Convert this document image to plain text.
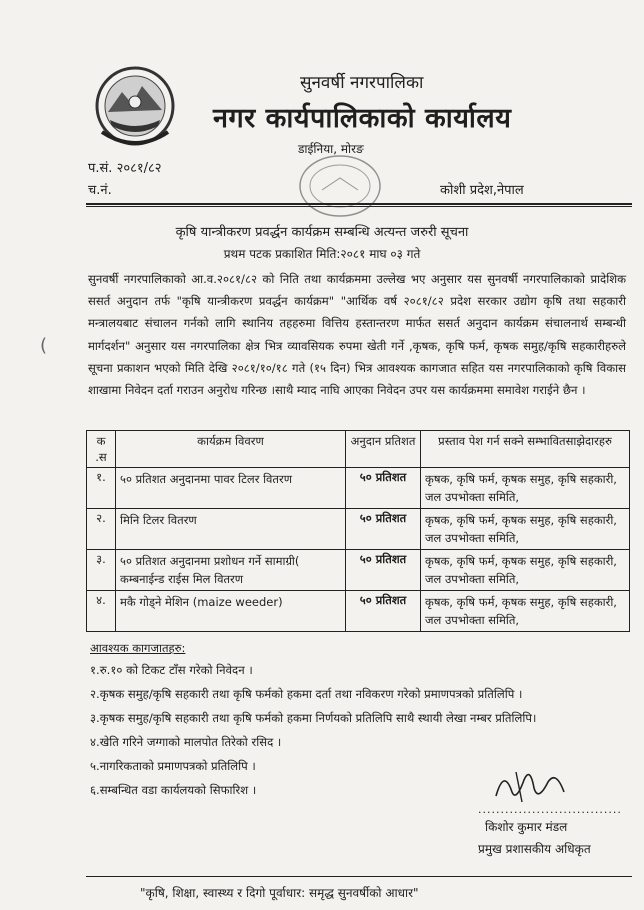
सुनवर्षी नगरपालिका
नगर कार्यपालिकाको कार्यालय
डाईनिया, मोरङ
प.सं. २०८१/८२
च.नं.	कोशी प्रदेश,नेपाल
कृषि यान्त्रीकरण प्रवर्द्धन कार्यक्रम सम्बन्धि अत्यन्त जरुरी सूचना
प्रथम पटक प्रकाशित मिति:२०८१ माघ ०३ गते
सुनवर्षी नगरपालिकाको आ.व.२०८१/८२ को निति तथा कार्यक्रममा उल्लेख भए अनुसार यस सुनवर्षी नगरपालिकाको प्रादेशिक ससर्त अनुदान तर्फ "कृषि यान्त्रीकरण प्रवर्द्धन कार्यक्रम" "आर्थिक वर्ष २०८१/८२ प्रदेश सरकार उद्योग कृषि तथा सहकारी मन्त्रालयबाट संचालन गर्नको लागि स्थानिय तहहरुमा वित्तिय हस्तान्तरण मार्फत ससर्त अनुदान कार्यक्रम संचालनार्थ सम्बन्धी मार्गदर्शन" अनुसार यस नगरपालिका क्षेत्र भित्र व्यावसियक रुपमा खेती गर्ने ,कृषक, कृषि फर्म, कृषक समुह/कृषि सहकारीहरुले सूचना प्रकाशन भएको मिति देखि २०८१/१०/१८ गते (१५ दिन) भित्र आवश्यक कागजात सहित यस नगरपालिकाको कृषि विकास शाखामा निवेदन दर्ता गराउन अनुरोध गरिन्छ ।साथै म्याद नाघि आएका निवेदन उपर यस कार्यक्रममा समावेश गराईने छैन ।
(
क .स	कार्यक्रम विवरण	अनुदान प्रतिशत	प्रस्ताव पेश गर्न सक्ने सम्भावितसाझेदारहरु
१.	५० प्रतिशत अनुदानमा पावर टिलर वितरण	५० प्रतिशत	कृषक, कृषि फर्म, कृषक समुह, कृषि सहकारी, जल उपभोक्ता समिति,
२.	मिनि टिलर वितरण	५० प्रतिशत	कृषक, कृषि फर्म, कृषक समुह, कृषि सहकारी, जल उपभोक्ता समिति,
३.	५० प्रतिशत अनुदानमा प्रशोधन गर्ने सामाग्री( कम्बनाईन्ड राईस मिल वितरण	५० प्रतिशत	कृषक, कृषि फर्म, कृषक समुह, कृषि सहकारी, जल उपभोक्ता समिति,
४.	मकै गोड्ने मेशिन (maize weeder)	५० प्रतिशत	कृषक, कृषि फर्म, कृषक समुह, कृषि सहकारी, जल उपभोक्ता समिति,
आवश्यक कागजातहरु:
१.रु.१० को टिकट टाँस गरेको निवेदन ।
२.कृषक समुह/कृषि सहकारी तथा कृषि फर्मको हकमा दर्ता तथा नविकरण गरेको प्रमाणपत्रको प्रतिलिपि ।
३.कृषक समुह/कृषि सहकारी तथा कृषि फर्मको हकमा निर्णयको प्रतिलिपि साथै स्थायी लेखा नम्बर प्रतिलिपि।
४.खेति गरिने जग्गाको मालपोत तिरेको रसिद ।
५.नागरिकताको प्रमाणपत्रको प्रतिलिपि ।
६.सम्बन्धित वडा कार्यलयको सिफारिश ।
................................
किशोर कुमार मंडल
प्रमुख प्रशासकीय अधिकृत
"कृषि, शिक्षा, स्वास्थ्य र दिगो पूर्वाधार: समृद्ध सुनवर्षीको आधार"
